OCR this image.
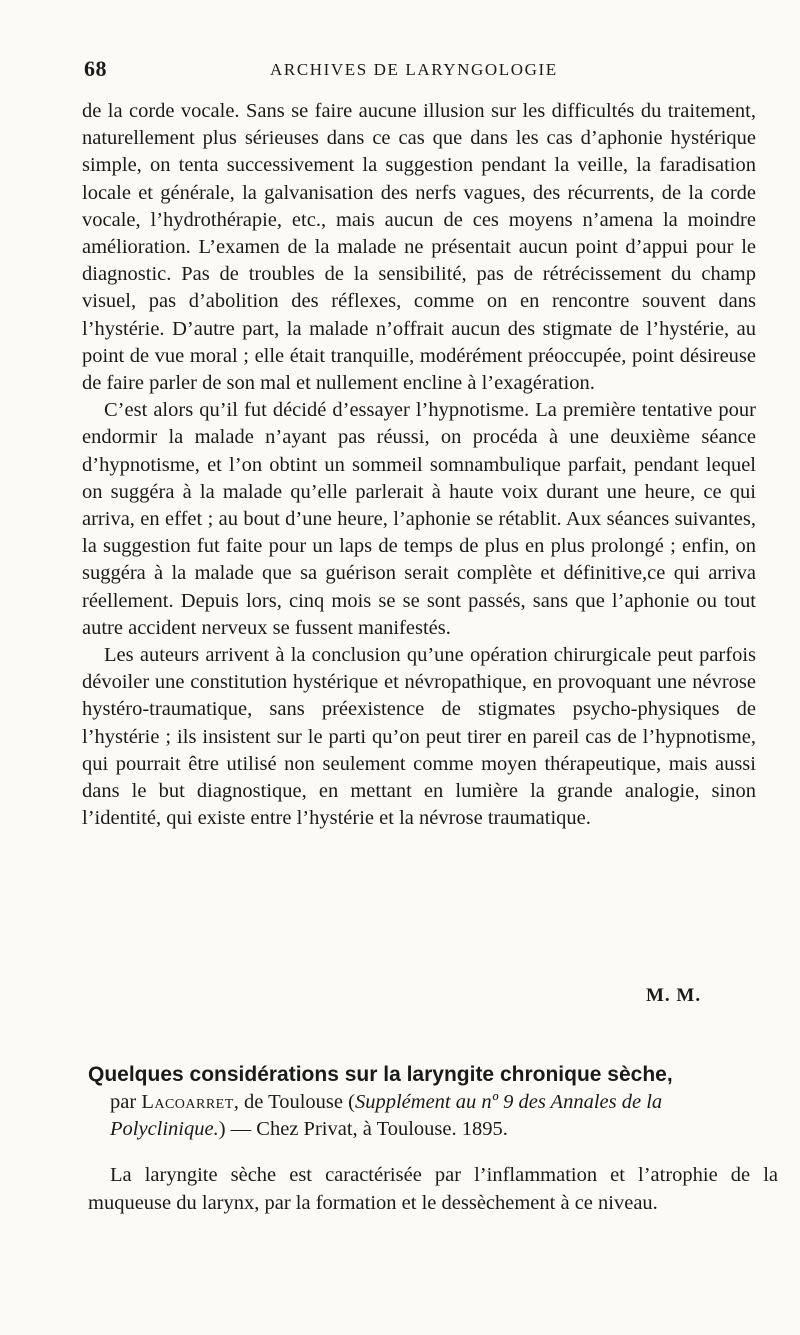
68	ARCHIVES DE LARYNGOLOGIE

de la corde vocale. Sans se faire aucune illusion sur les difficultés du traitement, naturellement plus sérieuses dans ce cas que dans les cas d’aphonie hystérique simple, on tenta successivement la suggestion pendant la veille, la faradisation locale et générale, la galvanisation des nerfs vagues, des récurrents, de la corde vocale, l’hydrothérapie, etc., mais aucun de ces moyens n’amena la moindre amélioration. L’examen de la malade ne présentait aucun point d’appui pour le diagnostic. Pas de troubles de la sensibilité, pas de rétrécissement du champ visuel, pas d’abolition des réflexes, comme on en rencontre souvent dans l’hystérie. D’autre part, la malade n’offrait aucun des stigmate de l’hystérie, au point de vue moral ; elle était tranquille, modérément préoccupée, point désireuse de faire parler de son mal et nullement encline à l’exagération.

C’est alors qu’il fut décidé d’essayer l’hypnotisme. La première tentative pour endormir la malade n’ayant pas réussi, on procéda à une deuxième séance d’hypnotisme, et l’on obtint un sommeil somnambulique parfait, pendant lequel on suggéra à la malade qu’elle parlerait à haute voix durant une heure, ce qui arriva, en effet ; au bout d’une heure, l’aphonie se rétablit. Aux séances suivantes, la suggestion fut faite pour un laps de temps de plus en plus prolongé ; enfin, on suggéra à la malade que sa guérison serait complète et définitive,ce qui arriva réellement. Depuis lors, cinq mois se se sont passés, sans que l’aphonie ou tout autre accident nerveux se fussent manifestés.

Les auteurs arrivent à la conclusion qu’une opération chirurgicale peut parfois dévoiler une constitution hystérique et névropathique, en provoquant une névrose hystéro-traumatique, sans préexistence de stigmates psycho-physiques de l’hystérie ; ils insistent sur le parti qu’on peut tirer en pareil cas de l’hypnotisme, qui pourrait être utilisé non seulement comme moyen thérapeutique, mais aussi dans le but diagnostique, en mettant en lumière la grande analogie, sinon l’identité, qui existe entre l’hystérie et la névrose traumatique.

M. M.
Quelques considérations sur la laryngite chronique sèche,
par Lacoarret, de Toulouse (Supplément au nº 9 des Annales de la
Polyclinique.) — Chez Privat, à Toulouse. 1895.

La laryngite sèche est caractérisée par l’inflammation et l’atrophie de la muqueuse du larynx, par la formation et le dessèchement à ce niveau.
